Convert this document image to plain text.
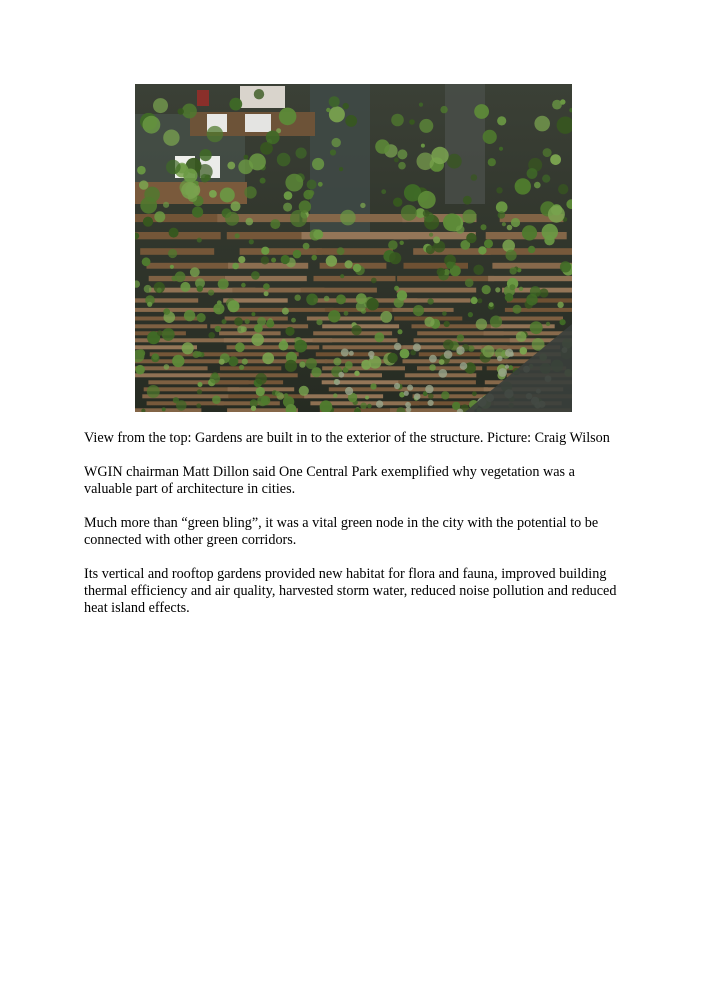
View from the top: Gardens are built in to the exterior of the structure. Picture: Craig Wilson

WGIN chairman Matt Dillon said One Central Park exemplified why vegetation was a valuable part of architecture in cities.

Much more than “green bling”, it was a vital green node in the city with the potential to be connected with other green corridors.

Its vertical and rooftop gardens provided new habitat for flora and fauna, improved building thermal efficiency and air quality, harvested storm water, reduced noise pollution and reduced heat island effects.
